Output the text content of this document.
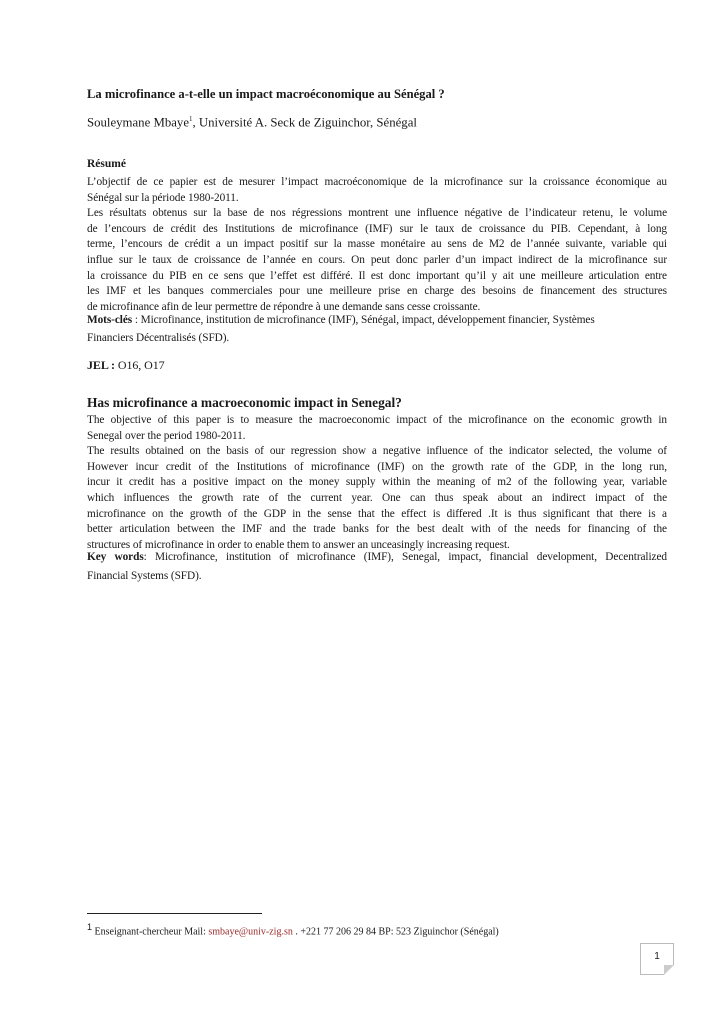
La microfinance a-t-elle un impact macroéconomique au Sénégal ?
Souleymane Mbaye$^1$, Université A. Seck de Ziguinchor, Sénégal
Résumé
L’objectif de ce papier est de mesurer l’impact macroéconomique de la microfinance sur la croissance économique au
Sénégal sur la période 1980-2011.
Les résultats obtenus sur la base de nos régressions montrent une influence négative de l’indicateur retenu, le volume
de l’encours de crédit des Institutions de microfinance (IMF) sur le taux de croissance du PIB. Cependant, à long
terme, l’encours de crédit a un impact positif sur la masse monétaire au sens de M2 de l’année suivante, variable qui
influe sur le taux de croissance de l’année en cours. On peut donc parler d’un impact indirect de la microfinance sur
la croissance du PIB en ce sens que l’effet est différé. Il est donc important qu’il y ait une meilleure articulation entre
les IMF et les banques commerciales pour une meilleure prise en charge des besoins de financement des structures
de microfinance afin de leur permettre de répondre à une demande sans cesse croissante.
Mots-clés : Microfinance, institution de microfinance (IMF), Sénégal, impact, développement financier, Systèmes
Financiers Décentralisés (SFD).
JEL : O16, O17
Has microfinance a macroeconomic impact in Senegal?
The objective of this paper is to measure the macroeconomic impact of the microfinance on the economic growth in
Senegal over the period 1980-2011.
The results obtained on the basis of our regression show a negative influence of the indicator selected, the volume of
However incur credit of the Institutions of microfinance (IMF) on the growth rate of the GDP, in the long run,
incur it credit has a positive impact on the money supply within the meaning of m2 of the following year, variable
which influences the growth rate of the current year. One can thus speak about an indirect impact of the
microfinance on the growth of the GDP in the sense that the effect is differed .It is thus significant that there is a
better articulation between the IMF and the trade banks for the best dealt with of the needs for financing of the
structures of microfinance in order to enable them to answer an unceasingly increasing request.
Key words: Microfinance, institution of microfinance (IMF), Senegal, impact, financial development, Decentralized
Financial Systems (SFD).
$^1$ Enseignant-chercheur Mail: smbaye@univ-zig.sn . +221 77 206 29 84 BP: 523 Ziguinchor (Sénégal)
1
